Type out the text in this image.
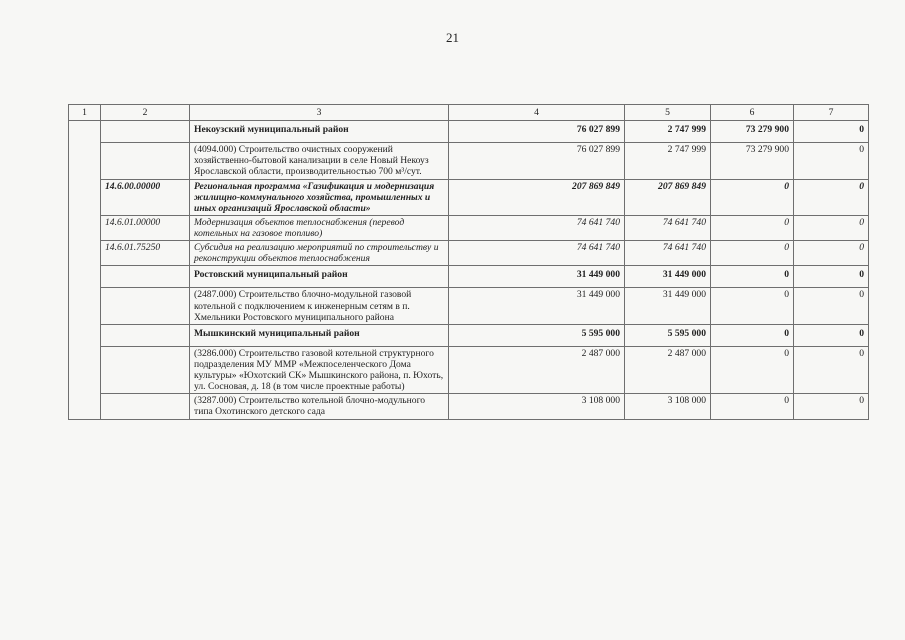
21
1	2	3	4	5	6	7
		Некоузский муниципальный район	76 027 899	2 747 999	73 279 900	0
		(4094.000) Строительство очистных сооружений хозяйственно-бытовой канализации в селе Новый Некоуз Ярославской области, производительностью 700 м³/сут.	76 027 899	2 747 999	73 279 900	0
	14.6.00.00000	Региональная программа «Газификация и модернизация жилищно-коммунального хозяйства, промышленных и иных организаций Ярославской области»	207 869 849	207 869 849	0	0
	14.6.01.00000	Модернизация объектов теплоснабжения (перевод котельных на газовое топливо)	74 641 740	74 641 740	0	0
	14.6.01.75250	Субсидия на реализацию мероприятий по строительству и реконструкции объектов теплоснабжения	74 641 740	74 641 740	0	0
		Ростовский муниципальный район	31 449 000	31 449 000	0	0
		(2487.000) Строительство блочно-модульной газовой котельной с подключением к инженерным сетям в п. Хмельники Ростовского муниципального района	31 449 000	31 449 000	0	0
		Мышкинский муниципальный район	5 595 000	5 595 000	0	0
		(3286.000) Строительство газовой котельной структурного подразделения МУ ММР «Межпоселенческого Дома культуры» «Юхотский СК» Мышкинского района, п. Юхоть, ул. Сосновая, д. 18 (в том числе проектные работы)	2 487 000	2 487 000	0	0
		(3287.000) Строительство котельной блочно-модульного типа Охотинского детского сада	3 108 000	3 108 000	0	0
